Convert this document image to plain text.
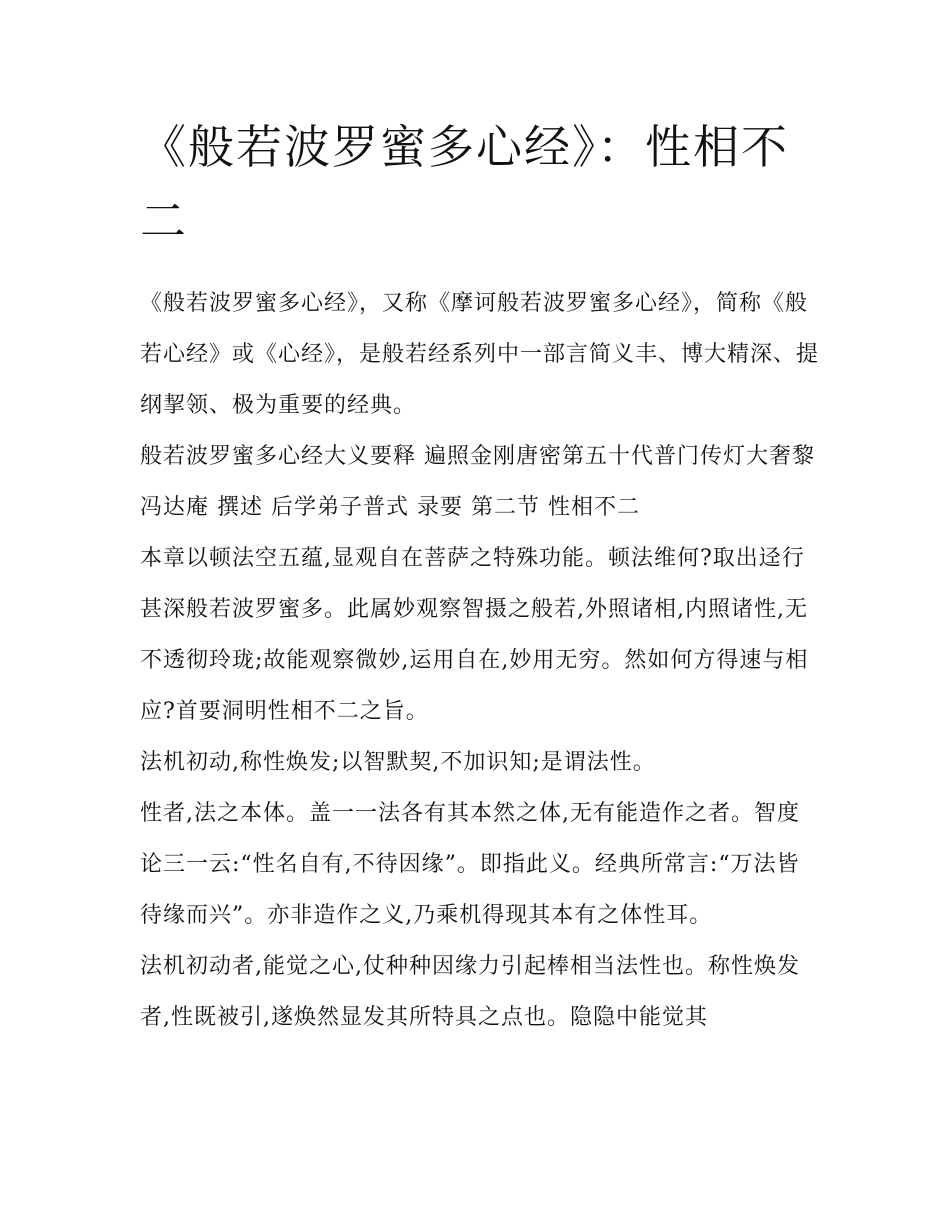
《般若波罗蜜多心经》：性相不二

《般若波罗蜜多心经》，又称《摩诃般若波罗蜜多心经》，简称《般若心经》或《心经》，是般若经系列中一部言简义丰、博大精深、提纲挈领、极为重要的经典。

般若波罗蜜多心经大义要释 遍照金刚唐密第五十代普门传灯大奢黎冯达庵 撰述 后学弟子普式 录要 第二节 性相不二

本章以顿法空五蕴,显观自在菩萨之特殊功能。顿法维何?取出迳行甚深般若波罗蜜多。此属妙观察智摄之般若,外照诸相,内照诸性,无不透彻玲珑;故能观察微妙,运用自在,妙用无穷。然如何方得速与相应?首要洞明性相不二之旨。

法机初动,称性焕发;以智默契,不加识知;是谓法性。

性者,法之本体。盖一一法各有其本然之体,无有能造作之者。智度论三一云:“性名自有,不待因缘”。即指此义。经典所常言:“万法皆待缘而兴”。亦非造作之义,乃乘机得现其本有之体性耳。

法机初动者,能觉之心,仗种种因缘力引起棒相当法性也。称性焕发者,性既被引,遂焕然显发其所特具之点也。隐隐中能觉其
